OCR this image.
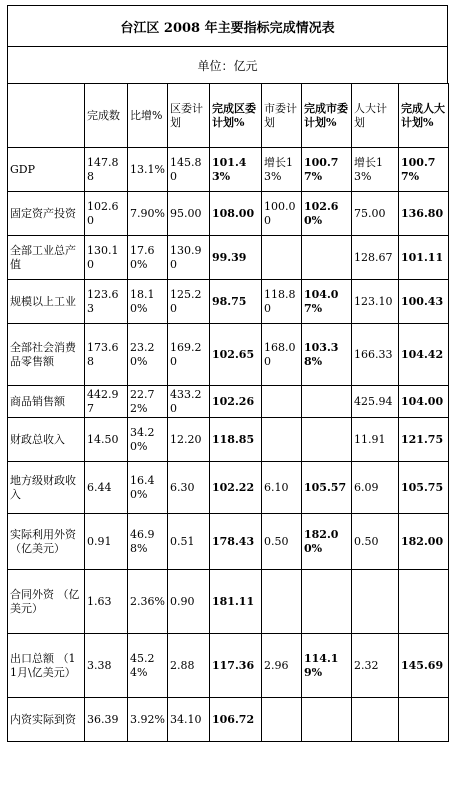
台江区 2008 年主要指标完成情况表
单位：亿元
	完成数	比增%	区委计划	完成区委计划%	市委计划	完成市委计划%	人大计划	完成人大计划%
GDP	147.88	13.1%	145.80	101.43%	增长13%	100.77%	增长13%	100.77%
固定资产投资	102.60	7.90%	95.00	108.00	100.00	102.60%	75.00	136.80
全部工业总产值	130.10	17.60%	130.90	99.39			128.67	101.11
规模以上工业	123.63	18.10%	125.20	98.75	118.80	104.07%	123.10	100.43
全部社会消费品零售额	173.68	23.20%	169.20	102.65	168.00	103.38%	166.33	104.42
商品销售额	442.97	22.72%	433.20	102.26			425.94	104.00
财政总收入	14.50	34.20%	12.20	118.85			11.91	121.75
地方级财政收入	6.44	16.40%	6.30	102.22	6.10	105.57	6.09	105.75
实际利用外资（亿美元）	0.91	46.98%	0.51	178.43	0.50	182.00%	0.50	182.00
合同外资 （亿美元）	1.63	2.36%	0.90	181.11				
出口总额 （11月\亿美元）	3.38	45.24%	2.88	117.36	2.96	114.19%	2.32	145.69
内资实际到资	36.39	3.92%	34.10	106.72				
